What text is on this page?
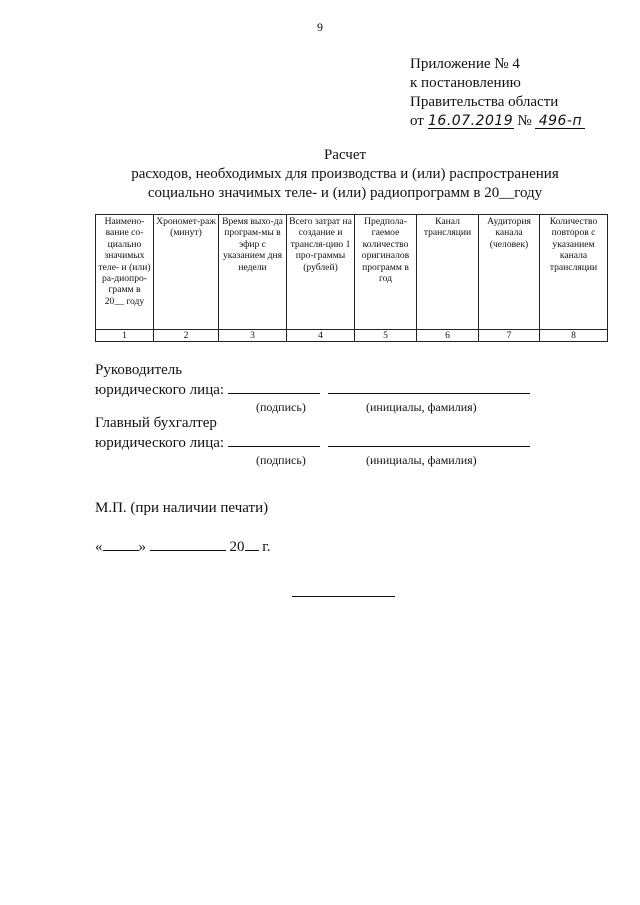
9
Приложение № 4
к постановлению
Правительства области
от 16.07.2019 № 496-п
Расчет
расходов, необходимых для производства и (или) распространения
социально значимых теле- и (или) радиопрограмм в 20__году
Наимено-вание со-циально значимых теле- и (или) ра-диопро-грамм в 20__ году	Хрономет-раж (минут)	Время выхо-да програм-мы в эфир с указанием дня недели	Всего затрат на создание и трансля-цию 1 про-граммы (рублей)	Предпола-гаемое количество оригиналов программ в год	Канал трансляции	Аудитория канала (человек)	Количество повторов с указанием канала трансляции
1	2	3	4	5	6	7	8
Руководитель
юридического лица:
(подпись)	(инициалы, фамилия)
Главный бухгалтер
юридического лица:
(подпись)	(инициалы, фамилия)
М.П. (при наличии печати)
« »	20 г.
